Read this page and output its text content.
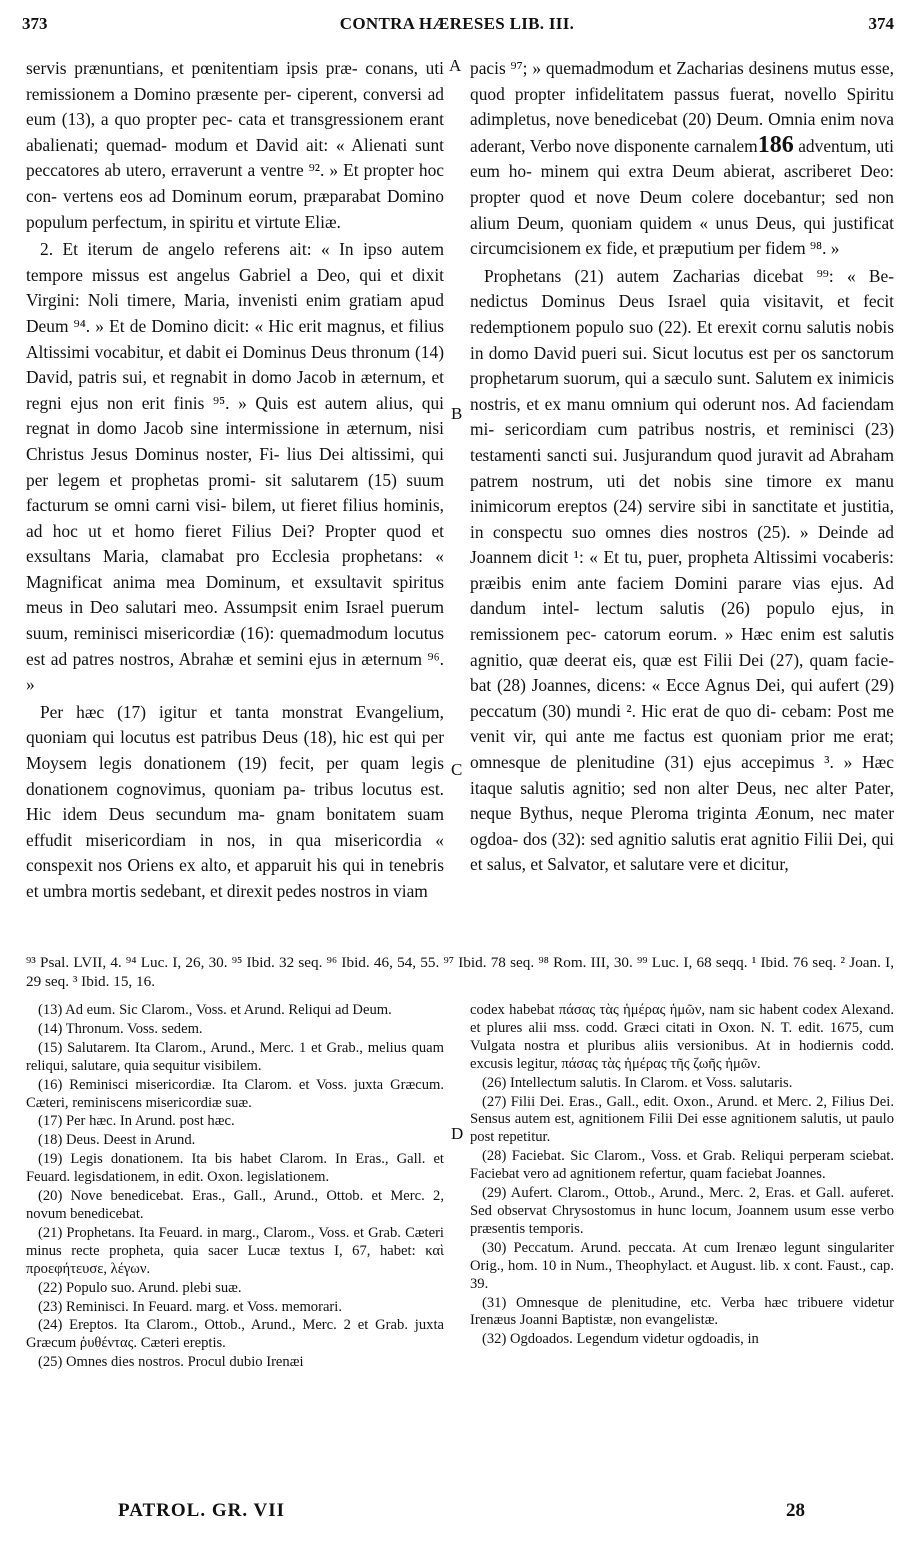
373	CONTRA HÆRESES LIB. III.	374

servis prænuntians, et pœnitentiam ipsis præ- conans, uti remissionem a Domino præsente per- ciperent, conversi ad eum (13), a quo propter pec- cata et transgressionem erant abalienati; quemad- modum et David ait: « Alienati sunt peccatores ab utero, erraverunt a ventre ⁹². » Et propter hoc con- vertens eos ad Dominum eorum, præparabat Domino populum perfectum, in spiritu et virtute Eliæ.

2. Et iterum de angelo referens ait: « In ipso autem tempore missus est angelus Gabriel a Deo, qui et dixit Virgini: Noli timere, Maria, invenisti enim gratiam apud Deum ⁹⁴. » Et de Domino dicit: « Hic erit magnus, et filius Altissimi vocabitur, et dabit ei Dominus Deus thronum (14) David, patris sui, et regnabit in domo Jacob in æternum, et regni ejus non erit finis ⁹⁵. » Quis est autem alius, qui regnat in domo Jacob sine intermissione in æternum, nisi Christus Jesus Dominus noster, Fi- lius Dei altissimi, qui per legem et prophetas promi- sit salutarem (15) suum facturum se omni carni visi- bilem, ut fieret filius hominis, ad hoc ut et homo fieret Filius Dei? Propter quod et exsultans Maria, clamabat pro Ecclesia prophetans: « Magnificat anima mea Dominum, et exsultavit spiritus meus in Deo salutari meo. Assumpsit enim Israel puerum suum, reminisci misericordiæ (16): quemadmodum locutus est ad patres nostros, Abrahæ et semini ejus in æternum ⁹⁶. »

Per hæc (17) igitur et tanta monstrat Evangelium, quoniam qui locutus est patribus Deus (18), hic est qui per Moysem legis donationem (19) fecit, per quam legis donationem cognovimus, quoniam pa- tribus locutus est. Hic idem Deus secundum ma- gnam bonitatem suam effudit misericordiam in nos, in qua misericordia « conspexit nos Oriens ex alto, et apparuit his qui in tenebris et umbra mortis sedebant, et direxit pedes nostros in viam

A
B
C
D

pacis ⁹⁷; » quemadmodum et Zacharias desinens mutus esse, quod propter infidelitatem passus fuerat, novello Spiritu adimpletus, nove benedicebat (20) Deum. Omnia enim nova aderant, Verbo nove disponente carnalem186 adventum, uti eum ho- minem qui extra Deum abierat, ascriberet Deo: propter quod et nove Deum colere docebantur; sed non alium Deum, quoniam quidem « unus Deus, qui justificat circumcisionem ex fide, et præputium per fidem ⁹⁸. »

Prophetans (21) autem Zacharias dicebat ⁹⁹: « Be- nedictus Dominus Deus Israel quia visitavit, et fecit redemptionem populo suo (22). Et erexit cornu salutis nobis in domo David pueri sui. Sicut locutus est per os sanctorum prophetarum suorum, qui a sæculo sunt. Salutem ex inimicis nostris, et ex manu omnium qui oderunt nos. Ad faciendam mi- sericordiam cum patribus nostris, et reminisci (23) testamenti sancti sui. Jusjurandum quod juravit ad Abraham patrem nostrum, uti det nobis sine timore ex manu inimicorum ereptos (24) servire sibi in sanctitate et justitia, in conspectu suo omnes dies nostros (25). » Deinde ad Joannem dicit ¹: « Et tu, puer, propheta Altissimi vocaberis: præibis enim ante faciem Domini parare vias ejus. Ad dandum intel- lectum salutis (26) populo ejus, in remissionem pec- catorum eorum. » Hæc enim est salutis agnitio, quæ deerat eis, quæ est Filii Dei (27), quam facie- bat (28) Joannes, dicens: « Ecce Agnus Dei, qui aufert (29) peccatum (30) mundi ². Hic erat de quo di- cebam: Post me venit vir, qui ante me factus est quoniam prior me erat; omnesque de plenitudine (31) ejus accepimus ³. » Hæc itaque salutis agnitio; sed non alter Deus, nec alter Pater, neque Bythus, neque Pleroma triginta Æonum, nec mater ogdoa- dos (32): sed agnitio salutis erat agnitio Filii Dei, qui et salus, et Salvator, et salutare vere et dicitur,

⁹³ Psal. LVII, 4. ⁹⁴ Luc. I, 26, 30. ⁹⁵ Ibid. 32 seq. ⁹⁶ Ibid. 46, 54, 55. ⁹⁷ Ibid. 78 seq. ⁹⁸ Rom. III, 30. ⁹⁹ Luc. I, 68 seqq. ¹ Ibid. 76 seq. ² Joan. I, 29 seq. ³ Ibid. 15, 16.

(13) Ad eum. Sic Clarom., Voss. et Arund. Reliqui ad Deum.

(14) Thronum. Voss. sedem.

(15) Salutarem. Ita Clarom., Arund., Merc. 1 et Grab., melius quam reliqui, salutare, quia sequitur visibilem.

(16) Reminisci misericordiæ. Ita Clarom. et Voss. juxta Græcum. Cæteri, reminiscens misericordiæ suæ.

(17) Per hæc. In Arund. post hæc.

(18) Deus. Deest in Arund.

(19) Legis donationem. Ita bis habet Clarom. In Eras., Gall. et Feuard. legisdationem, in edit. Oxon. legislationem.

(20) Nove benedicebat. Eras., Gall., Arund., Ottob. et Merc. 2, novum benedicebat.

(21) Prophetans. Ita Feuard. in marg., Clarom., Voss. et Grab. Cæteri minus recte propheta, quia sacer Lucæ textus I, 67, habet: καὶ προεφήτευσε, λέγων.

(22) Populo suo. Arund. plebi suæ.

(23) Reminisci. In Feuard. marg. et Voss. memorari.

(24) Ereptos. Ita Clarom., Ottob., Arund., Merc. 2 et Grab. juxta Græcum ῥυθέντας. Cæteri ereptis.

(25) Omnes dies nostros. Procul dubio Irenæi

codex habebat πάσας τὰς ἡμέρας ἡμῶν, nam sic habent codex Alexand. et plures alii mss. codd. Græci citati in Oxon. N. T. edit. 1675, cum Vulgata nostra et pluribus aliis versionibus. At in hodiernis codd. excusis legitur, πάσας τὰς ἡμέρας τῆς ζωῆς ἡμῶν.

(26) Intellectum salutis. In Clarom. et Voss. salutaris.

(27) Filii Dei. Eras., Gall., edit. Oxon., Arund. et Merc. 2, Filius Dei. Sensus autem est, agnitionem Filii Dei esse agnitionem salutis, ut paulo post repetitur.

(28) Faciebat. Sic Clarom., Voss. et Grab. Reliqui perperam sciebat. Faciebat vero ad agnitionem refertur, quam faciebat Joannes.

(29) Aufert. Clarom., Ottob., Arund., Merc. 2, Eras. et Gall. auferet. Sed observat Chrysostomus in hunc locum, Joannem usum esse verbo præsentis temporis.

(30) Peccatum. Arund. peccata. At cum Irenæo legunt singulariter Orig., hom. 10 in Num., Theophylact. et August. lib. x cont. Faust., cap. 39.

(31) Omnesque de plenitudine, etc. Verba hæc tribuere videtur Irenæus Joanni Baptistæ, non evangelistæ.

(32) Ogdoados. Legendum videtur ogdoadis, in

PATROL. GR. VII	28
